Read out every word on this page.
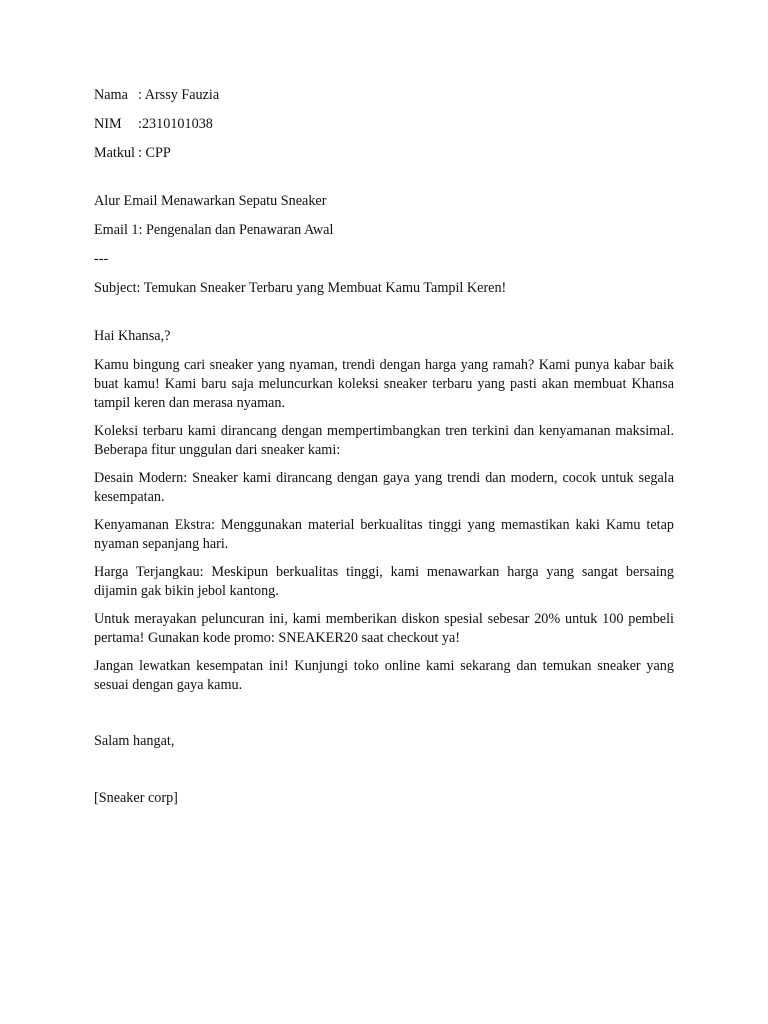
Nama : Arssy Fauzia
NIM	:2310101038
Matkul : CPP
Alur Email Menawarkan Sepatu Sneaker
Email 1: Pengenalan dan Penawaran Awal
---
Subject: Temukan Sneaker Terbaru yang Membuat Kamu Tampil Keren!
Hai Khansa,?

Kamu bingung cari sneaker yang nyaman, trendi dengan harga yang ramah? Kami punya kabar baik buat kamu! Kami baru saja meluncurkan koleksi sneaker terbaru yang pasti akan membuat Khansa tampil keren dan merasa nyaman.

Koleksi terbaru kami dirancang dengan mempertimbangkan tren terkini dan kenyamanan maksimal. Beberapa fitur unggulan dari sneaker kami:

Desain Modern: Sneaker kami dirancang dengan gaya yang trendi dan modern, cocok untuk segala kesempatan.

Kenyamanan Ekstra: Menggunakan material berkualitas tinggi yang memastikan kaki Kamu tetap nyaman sepanjang hari.

Harga Terjangkau: Meskipun berkualitas tinggi, kami menawarkan harga yang sangat bersaing dijamin gak bikin jebol kantong.

Untuk merayakan peluncuran ini, kami memberikan diskon spesial sebesar 20% untuk 100 pembeli pertama! Gunakan kode promo: SNEAKER20 saat checkout ya!

Jangan lewatkan kesempatan ini! Kunjungi toko online kami sekarang dan temukan sneaker yang sesuai dengan gaya kamu.

Salam hangat,
[Sneaker corp]
